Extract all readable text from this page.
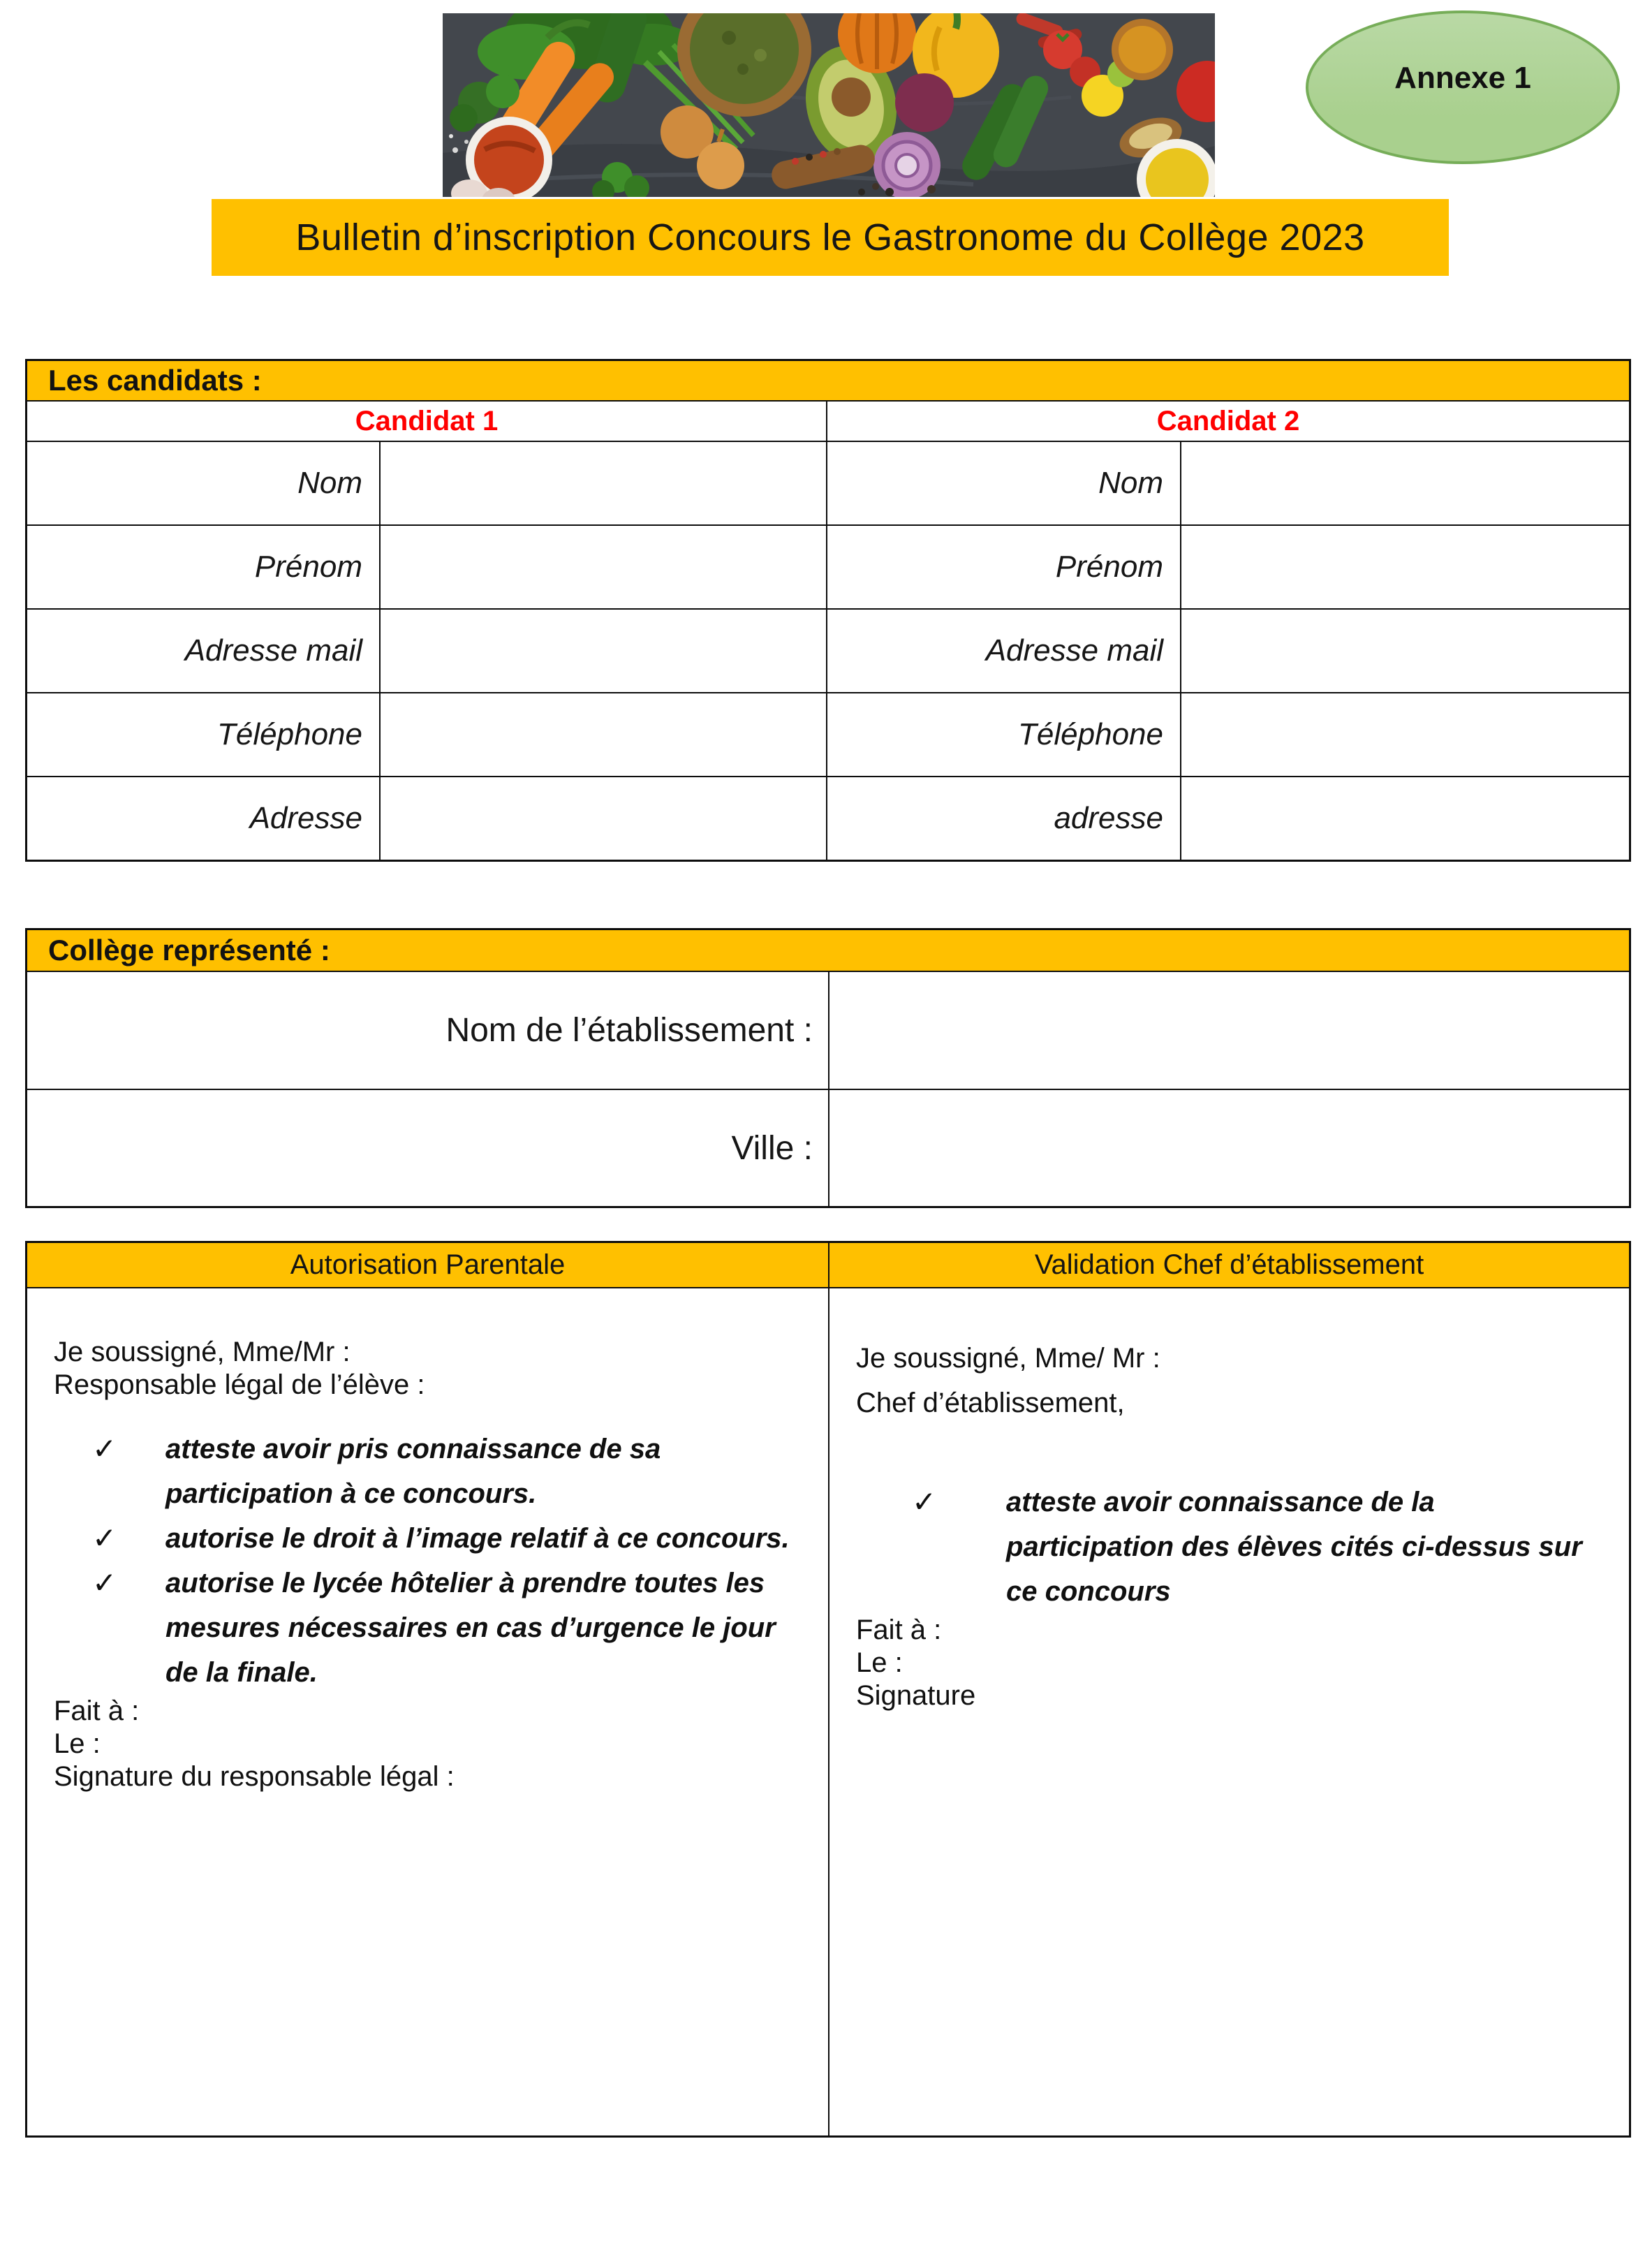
Annexe 1
Bulletin d’inscription Concours le Gastronome du Collège 2023
Les candidats :
Candidat 1	Candidat 2
Nom	Nom
Prénom	Prénom
Adresse mail	Adresse mail
Téléphone	Téléphone
Adresse	adresse
Collège représenté :
Nom de l’établissement :
Ville :
Autorisation Parentale	Validation Chef d’établissement

Je soussigné, Mme/Mr :

Responsable légal de l’élève :

✓ atteste avoir pris connaissance de sa participation à ce concours.
✓ autorise le droit à l’image relatif à ce concours.
✓ autorise le lycée hôtelier à prendre toutes les mesures nécessaires en cas d’urgence le jour de la finale.

Fait à :

Le :

Signature du responsable légal :

Je soussigné, Mme/ Mr :
Chef d’établissement,

✓ atteste avoir connaissance de la participation des élèves cités ci-dessus sur ce concours

Fait à :

Le :

Signature
